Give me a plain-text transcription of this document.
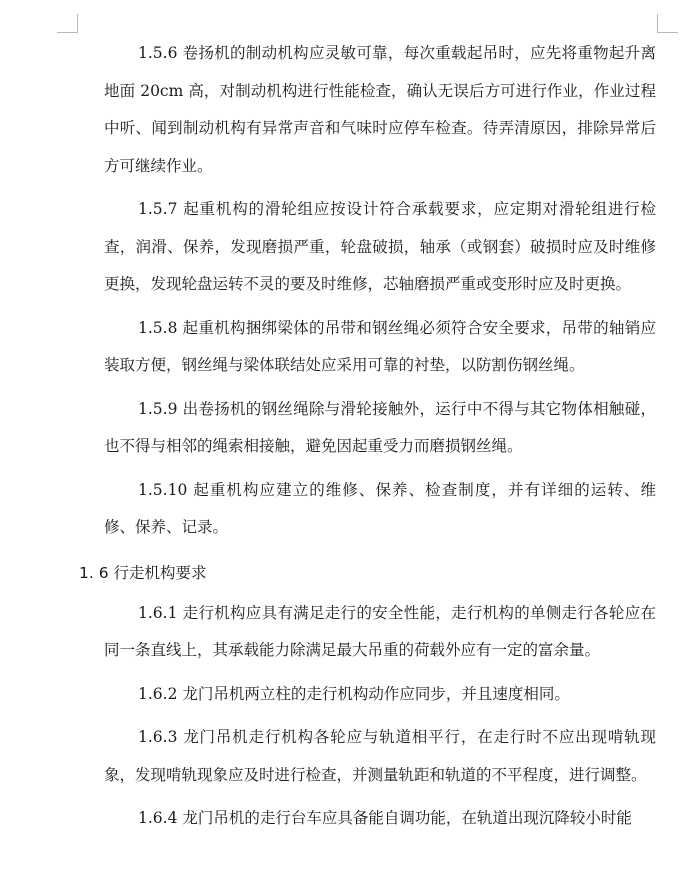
1.5.6 卷扬机的制动机构应灵敏可靠，每次重载起吊时，应先将重物起升离地面 20cm 高，对制动机构进行性能检查，确认无误后方可进行作业，作业过程中听、闻到制动机构有异常声音和气味时应停车检查。待弄清原因，排除异常后方可继续作业。

1.5.7 起重机构的滑轮组应按设计符合承载要求，应定期对滑轮组进行检查，润滑、保养，发现磨损严重，轮盘破损，轴承（或钢套）破损时应及时维修更换，发现轮盘运转不灵的要及时维修，芯轴磨损严重或变形时应及时更换。

1.5.8 起重机构捆绑梁体的吊带和钢丝绳必须符合安全要求，吊带的轴销应装取方便，钢丝绳与梁体联结处应采用可靠的衬垫，以防割伤钢丝绳。

1.5.9 出卷扬机的钢丝绳除与滑轮接触外，运行中不得与其它物体相触碰，也不得与相邻的绳索相接触，避免因起重受力而磨损钢丝绳。

1.5.10 起重机构应建立的维修、保养、检查制度，并有详细的运转、维修、保养、记录。

1. 6 行走机构要求

1.6.1 走行机构应具有满足走行的安全性能，走行机构的单侧走行各轮应在同一条直线上，其承载能力除满足最大吊重的荷载外应有一定的富余量。

1.6.2 龙门吊机两立柱的走行机构动作应同步，并且速度相同。

1.6.3 龙门吊机走行机构各轮应与轨道相平行，在走行时不应出现啃轨现象，发现啃轨现象应及时进行检查，并测量轨距和轨道的不平程度，进行调整。

1.6.4 龙门吊机的走行台车应具备能自调功能，在轨道出现沉降较小时能
